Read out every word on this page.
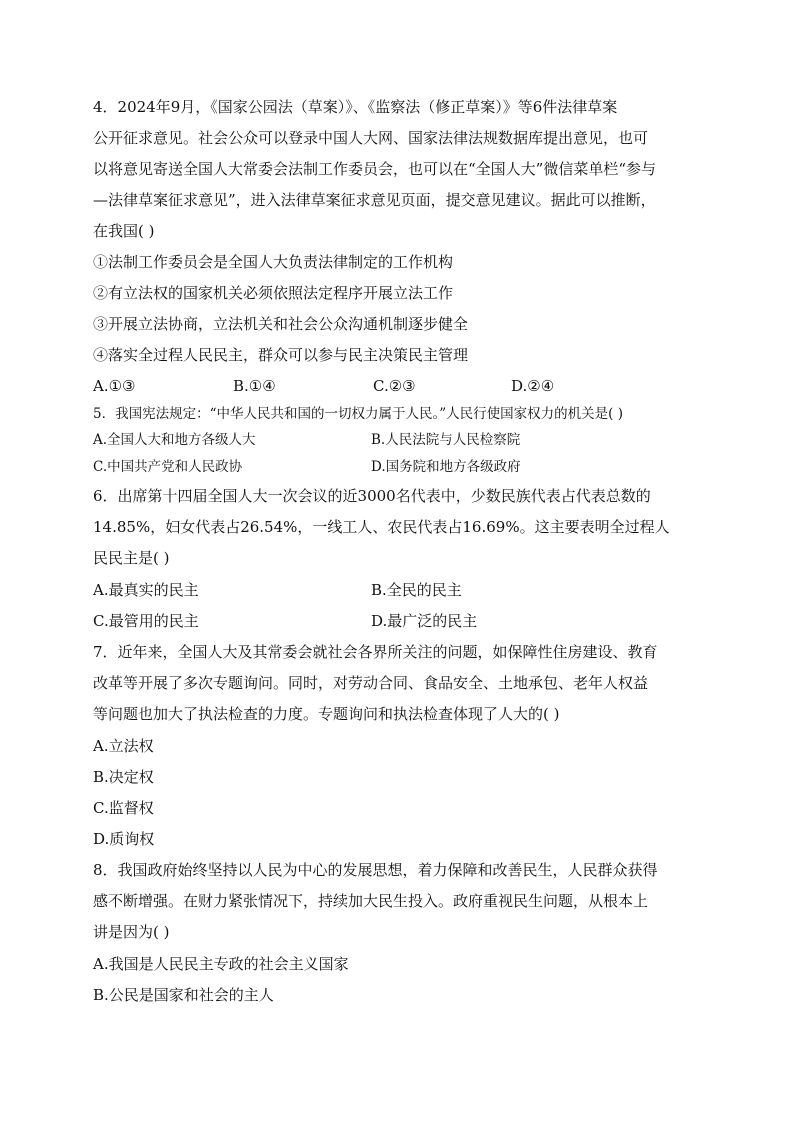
4．2024年9月，《国家公园法（草案）》、《监察法（修正草案）》等6件法律草案
公开征求意见。社会公众可以登录中国人大网、国家法律法规数据库提出意见，也可
以将意见寄送全国人大常委会法制工作委员会，也可以在“全国人大”微信菜单栏“参与
—法律草案征求意见”，进入法律草案征求意见页面，提交意见建议。据此可以推断，
在我国( )
①法制工作委员会是全国人大负责法律制定的工作机构
②有立法权的国家机关必须依照法定程序开展立法工作
③开展立法协商，立法机关和社会公众沟通机制逐步健全
④落实全过程人民民主，群众可以参与民主决策民主管理
A.①③	B.①④	C.②③	D.②④
5．我国宪法规定：“中华人民共和国的一切权力属于人民。”人民行使国家权力的机关是( )
A.全国人大和地方各级人大	B.人民法院与人民检察院
C.中国共产党和人民政协	D.国务院和地方各级政府
6．出席第十四届全国人大一次会议的近3000名代表中，少数民族代表占代表总数的
14.85%，妇女代表占26.54%，一线工人、农民代表占16.69%。这主要表明全过程人
民民主是( )
A.最真实的民主	B.全民的民主
C.最管用的民主	D.最广泛的民主
7．近年来，全国人大及其常委会就社会各界所关注的问题，如保障性住房建设、教育
改革等开展了多次专题询问。同时，对劳动合同、食品安全、土地承包、老年人权益
等问题也加大了执法检查的力度。专题询问和执法检查体现了人大的( )
A.立法权
B.决定权
C.监督权
D.质询权
8．我国政府始终坚持以人民为中心的发展思想，着力保障和改善民生，人民群众获得
感不断增强。在财力紧张情况下，持续加大民生投入。政府重视民生问题，从根本上
讲是因为( )
A.我国是人民民主专政的社会主义国家
B.公民是国家和社会的主人
